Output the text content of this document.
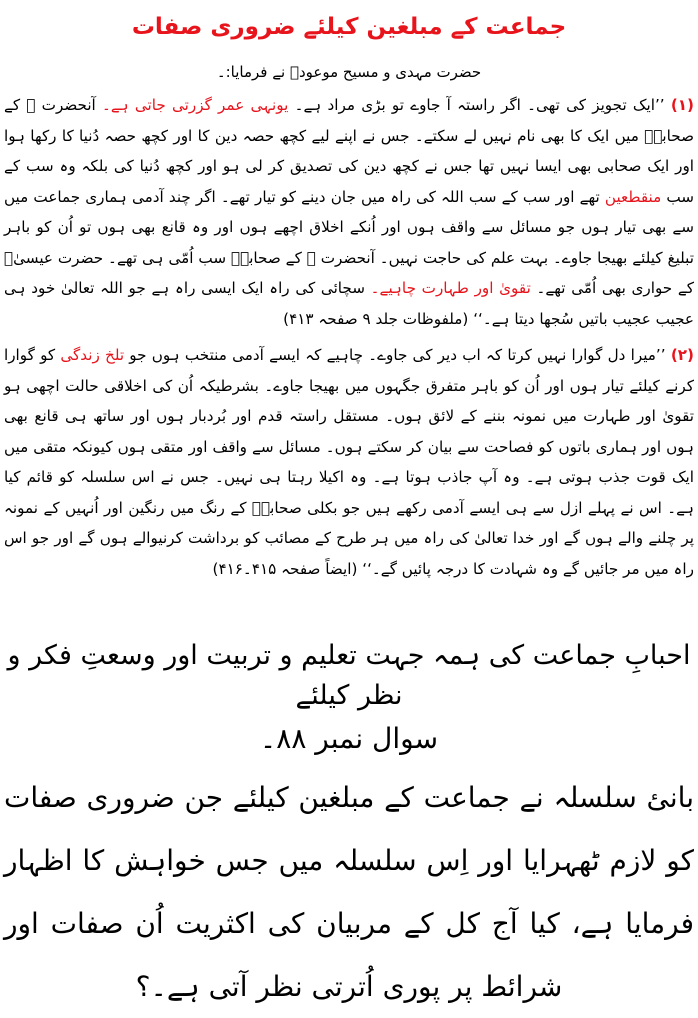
جماعت کے مبلغین کیلئے ضروری صفات
حضرت مہدی و مسیح موعودؑ نے فرمایا:۔
(۱) ’’ایک تجویز کی تھی۔ اگر راستہ آ جاوے تو بڑی مراد ہے۔ یونہی عمر گزرتی جاتی ہے۔ آنحضرت ﷺ کے صحابہؓ میں ایک کا بھی نام نہیں لے سکتے۔ جس نے اپنے لیے کچھ حصہ دین کا اور کچھ حصہ دُنیا کا رکھا ہوا اور ایک صحابی بھی ایسا نہیں تھا جس نے کچھ دین کی تصدیق کر لی ہو اور کچھ دُنیا کی بلکہ وہ سب کے سب منقطعین تھے اور سب کے سب اللہ کی راہ میں جان دینے کو تیار تھے۔ اگر چند آدمی ہماری جماعت میں سے بھی تیار ہوں جو مسائل سے واقف ہوں اور اُنکے اخلاق اچھے ہوں اور وہ قانع بھی ہوں تو اُن کو باہر تبلیغ کیلئے بھیجا جاوے۔ بہت علم کی حاجت نہیں۔ آنحضرت ﷺ کے صحابہؓ سب اُمّی ہی تھے۔ حضرت عیسیٰؑ کے حواری بھی اُمّی تھے۔ تقویٰ اور طہارت چاہیے۔ سچائی کی راہ ایک ایسی راہ ہے جو اللہ تعالیٰ خود ہی عجیب عجیب باتیں سُجھا دیتا ہے۔‘‘ (ملفوظات جلد ۹ صفحہ ۴۱۳)
(۲) ’’میرا دل گوارا نہیں کرتا کہ اب دیر کی جاوے۔ چاہیے کہ ایسے آدمی منتخب ہوں جو تلخ زندگی کو گوارا کرنے کیلئے تیار ہوں اور اُن کو باہر متفرق جگہوں میں بھیجا جاوے۔ بشرطیکہ اُن کی اخلاقی حالت اچھی ہو تقویٰ اور طہارت میں نمونہ بننے کے لائق ہوں۔ مستقل راستہ قدم اور بُردبار ہوں اور ساتھ ہی قانع بھی ہوں اور ہماری باتوں کو فصاحت سے بیان کر سکتے ہوں۔ مسائل سے واقف اور متقی ہوں کیونکہ متقی میں ایک قوت جذب ہوتی ہے۔ وہ آپ جاذب ہوتا ہے۔ وہ اکیلا رہتا ہی نہیں۔ جس نے اس سلسلہ کو قائم کیا ہے۔ اس نے پہلے ازل سے ہی ایسے آدمی رکھے ہیں جو بکلی صحابہؓ کے رنگ میں رنگین اور اُنہیں کے نمونہ پر چلنے والے ہوں گے اور خدا تعالیٰ کی راہ میں ہر طرح کے مصائب کو برداشت کرنیوالے ہوں گے اور جو اس راہ میں مر جائیں گے وہ شہادت کا درجہ پائیں گے۔‘‘ (ایضاً صفحہ ۴۱۵۔۴۱۶)
احبابِ جماعت کی ہمہ جہت تعلیم و تربیت اور وسعتِ فکر و نظر کیلئے
سوال نمبر ۸۸۔
بانئ سلسلہ نے جماعت کے مبلغین کیلئے جن ضروری صفات کو لازم ٹھہرایا اور اِس سلسلہ میں جس خواہش کا اظہار فرمایا ہے، کیا آج کل کے مربیان کی اکثریت اُن صفات اور شرائط پر پوری اُترتی نظر آتی ہے۔؟
